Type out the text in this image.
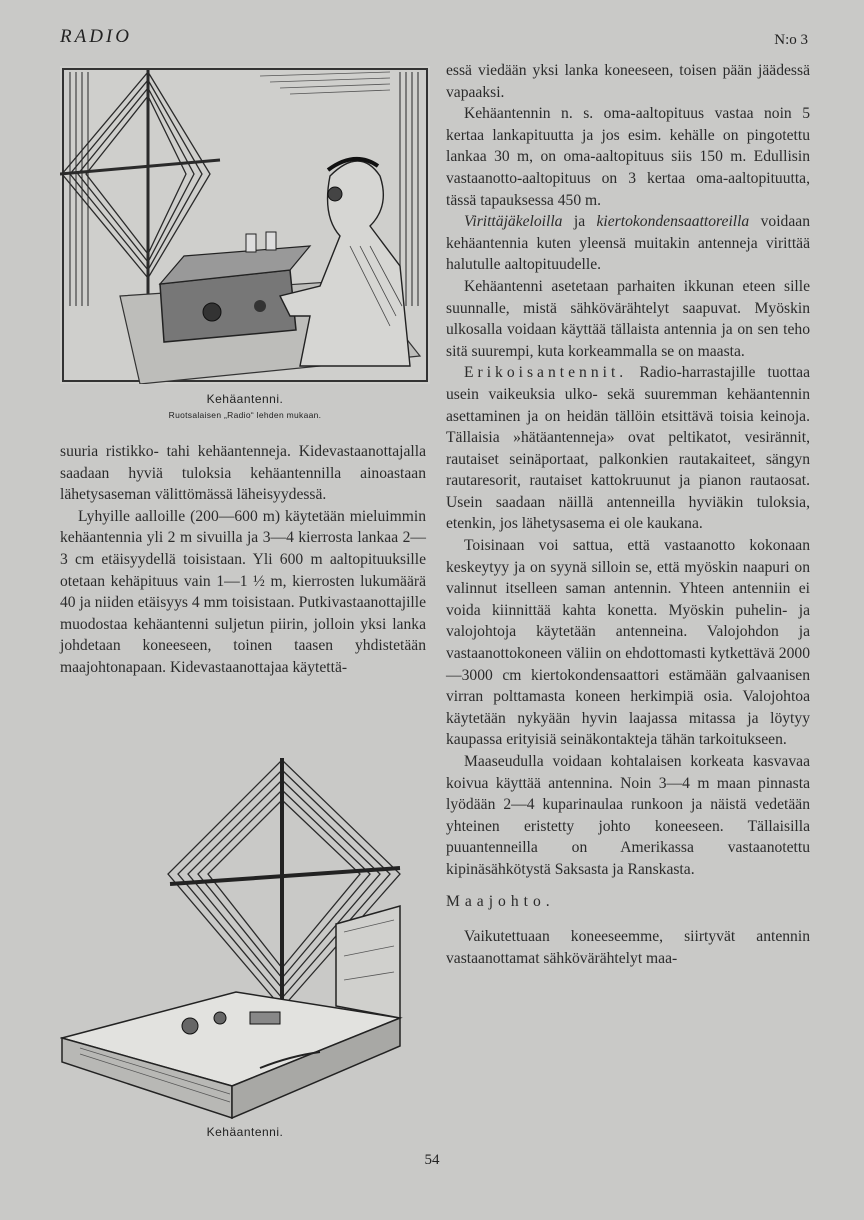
RADIO	N:o 3
Kehäantenni.
Ruotsalaisen „Radio“ lehden mukaan.

suuria ristikko- tahi kehäantenneja. Kidevastaanottajalla saadaan hyviä tuloksia kehäantennilla ainoastaan lähetysaseman välittömässä läheisyydessä.

Lyhyille aalloille (200—600 m) käytetään mieluimmin kehäantennia yli 2 m sivuilla ja 3—4 kierrosta lankaa 2—3 cm etäisyydellä toisistaan. Yli 600 m aaltopituuksille otetaan kehäpituus vain 1—1 ½ m, kierrosten lukumäärä 40 ja niiden etäisyys 4 mm toisistaan. Putkivastaanottajille muodostaa kehäantenni suljetun piirin, jolloin yksi lanka johdetaan koneeseen, toinen taasen yhdistetään maajohtonapaan. Kidevastaanottajaa käytettä-

Kehäantenni.

essä viedään yksi lanka koneeseen, toisen pään jäädessä vapaaksi.

Kehäantennin n. s. oma-aaltopituus vastaa noin 5 kertaa lankapituutta ja jos esim. kehälle on pingotettu lankaa 30 m, on oma-aaltopituus siis 150 m. Edullisin vastaanotto-aaltopituus on 3 kertaa oma-aaltopituutta, tässä tapauksessa 450 m.

Virittäjäkeloilla ja kiertokondensaattoreilla voidaan kehäantennia kuten yleensä muitakin antenneja virittää halutulle aaltopituudelle.

Kehäantenni asetetaan parhaiten ikkunan eteen sille suunnalle, mistä sähkövärähtelyt saapuvat. Myöskin ulkosalla voidaan käyttää tällaista antennia ja on sen teho sitä suurempi, kuta korkeammalla se on maasta.

Erikoisantennit. Radio-harrastajille tuottaa usein vaikeuksia ulko- sekä suuremman kehäantennin asettaminen ja on heidän tällöin etsittävä toisia keinoja. Tällaisia »hätäantenneja» ovat peltikatot, vesirännit, rautaiset seinäportaat, palkonkien rautakaiteet, sängyn rautaresorit, rautaiset kattokruunut ja pianon rautaosat. Usein saadaan näillä antenneilla hyviäkin tuloksia, etenkin, jos lähetysasema ei ole kaukana.

Toisinaan voi sattua, että vastaanotto kokonaan keskeytyy ja on syynä silloin se, että myöskin naapuri on valinnut itselleen saman antennin. Yhteen antenniin ei voida kiinnittää kahta konetta. Myöskin puhelin- ja valojohtoja käytetään antenneina. Valojohdon ja vastaanottokoneen väliin on ehdottomasti kytkettävä 2000—3000 cm kiertokondensaattori estämään galvaanisen virran polttamasta koneen herkimpiä osia. Valojohtoa käytetään nykyään hyvin laajassa mitassa ja löytyy kaupassa erityisiä seinäkontakteja tähän tarkoitukseen.

Maaseudulla voidaan kohtalaisen korkeata kasvavaa koivua käyttää antennina. Noin 3—4 m maan pinnasta lyödään 2—4 kuparinaulaa runkoon ja näistä vedetään yhteinen eristetty johto koneeseen. Tällaisilla puuantenneilla on Amerikassa vastaanotettu kipinäsähkötystä Saksasta ja Ranskasta.

Maajohto.

Vaikutettuaan koneeseemme, siirtyvät antennin vastaanottamat sähkövärähtelyt maa-

54
